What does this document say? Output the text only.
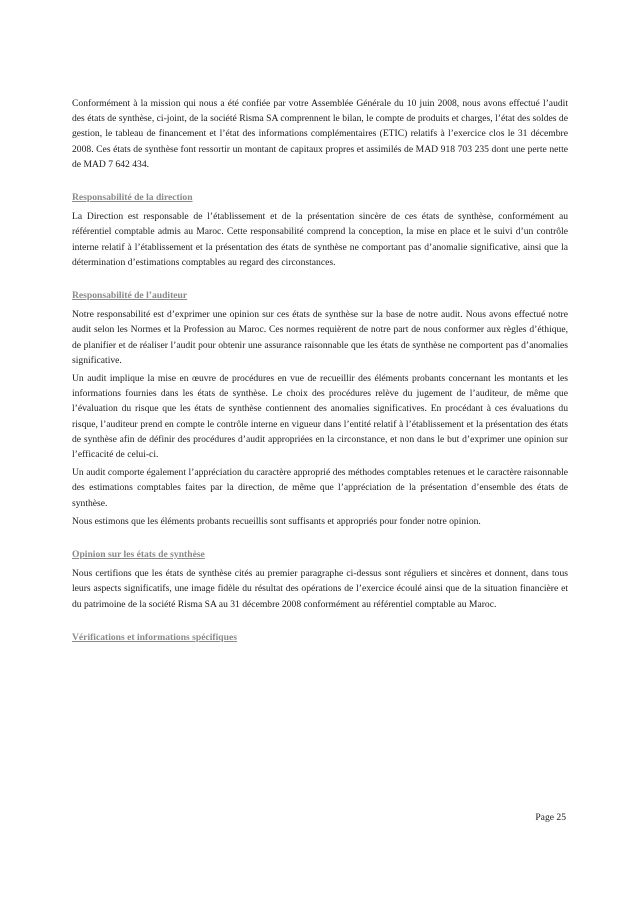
Conformément à la mission qui nous a été confiée par votre Assemblée Générale du 10 juin 2008, nous avons effectué l’audit des états de synthèse, ci-joint, de la société Risma SA comprennent le bilan, le compte de produits et charges, l’état des soldes de gestion, le tableau de financement et l’état des informations complémentaires (ETIC) relatifs à l’exercice clos le 31 décembre 2008. Ces états de synthèse font ressortir un montant de capitaux propres et assimilés de MAD 918 703 235 dont une perte nette de MAD 7 642 434.

Responsabilité de la direction

La Direction est responsable de l’établissement et de la présentation sincère de ces états de synthèse, conformément au référentiel comptable admis au Maroc. Cette responsabilité comprend la conception, la mise en place et le suivi d’un contrôle interne relatif à l’établissement et la présentation des états de synthèse ne comportant pas d’anomalie significative, ainsi que la détermination d’estimations comptables au regard des circonstances.

Responsabilité de l’auditeur

Notre responsabilité est d’exprimer une opinion sur ces états de synthèse sur la base de notre audit. Nous avons effectué notre audit selon les Normes et la Profession au Maroc. Ces normes requièrent de notre part de nous conformer aux règles d’éthique, de planifier et de réaliser l’audit pour obtenir une assurance raisonnable que les états de synthèse ne comportent pas d’anomalies significative.

Un audit implique la mise en œuvre de procédures en vue de recueillir des éléments probants concernant les montants et les informations fournies dans les états de synthèse. Le choix des procédures relève du jugement de l’auditeur, de même que l’évaluation du risque que les états de synthèse contiennent des anomalies significatives. En procédant à ces évaluations du risque, l’auditeur prend en compte le contrôle interne en vigueur dans l’entité relatif à l’établissement et la présentation des états de synthèse afin de définir des procédures d’audit appropriées en la circonstance, et non dans le but d’exprimer une opinion sur l’efficacité de celui-ci.

Un audit comporte également l’appréciation du caractère approprié des méthodes comptables retenues et le caractère raisonnable des estimations comptables faites par la direction, de même que l’appréciation de la présentation d’ensemble des états de synthèse.

Nous estimons que les éléments probants recueillis sont suffisants et appropriés pour fonder notre opinion.

Opinion sur les états de synthèse

Nous certifions que les états de synthèse cités au premier paragraphe ci-dessus sont réguliers et sincères et donnent, dans tous leurs aspects significatifs, une image fidèle du résultat des opérations de l’exercice écoulé ainsi que de la situation financière et du patrimoine de la société Risma SA au 31 décembre 2008 conformément au référentiel comptable au Maroc.

Vérifications et informations spécifiques
Page 25
